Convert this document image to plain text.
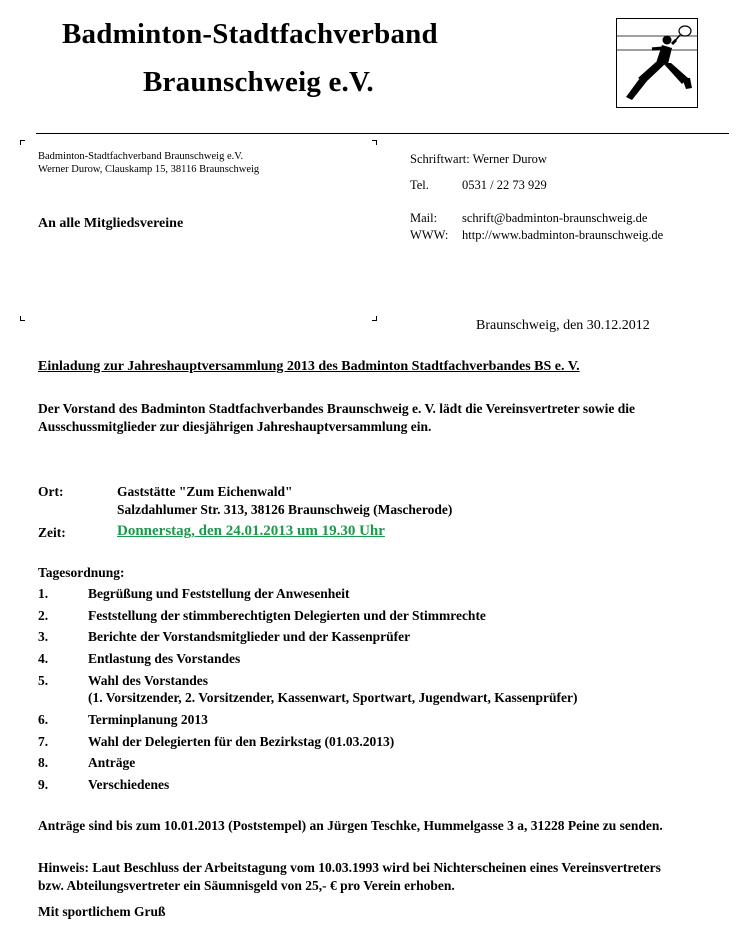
Badminton-Stadtfachverband
Braunschweig e.V.
Badminton-Stadtfachverband Braunschweig e.V.
Werner Durow, Clauskamp 15, 38116 Braunschweig
An alle Mitgliedsvereine
Schriftwart: Werner Durow
Tel.	0531 / 22 73 929
Mail: schrift@badminton-braunschweig.de
WWW: http://www.badminton-braunschweig.de
Braunschweig, den 30.12.2012
Einladung zur Jahreshauptversammlung 2013 des Badminton Stadtfachverbandes BS e. V.
Der Vorstand des Badminton Stadtfachverbandes Braunschweig e. V. lädt die Vereinsvertreter sowie die Ausschussmitglieder zur diesjährigen Jahreshauptversammlung ein.
Ort:	Gaststätte "Zum Eichenwald"
Salzdahlumer Str. 313, 38126 Braunschweig (Mascherode)
Zeit:	Donnerstag, den 24.01.2013 um 19.30 Uhr
Tagesordnung:
1.	Begrüßung und Feststellung der Anwesenheit
2.	Feststellung der stimmberechtigten Delegierten und der Stimmrechte
3.	Berichte der Vorstandsmitglieder und der Kassenprüfer
4.	Entlastung des Vorstandes
5.	Wahl des Vorstandes
(1. Vorsitzender, 2. Vorsitzender, Kassenwart, Sportwart, Jugendwart, Kassenprüfer)
6.	Terminplanung 2013
7.	Wahl der Delegierten für den Bezirkstag (01.03.2013)
8.	Anträge
9.	Verschiedenes
Anträge sind bis zum 10.01.2013 (Poststempel) an Jürgen Teschke, Hummelgasse 3 a, 31228 Peine zu senden.
Hinweis: Laut Beschluss der Arbeitstagung vom 10.03.1993 wird bei Nichterscheinen eines Vereinsvertreters bzw. Abteilungsvertreter ein Säumnisgeld von 25,- € pro Verein erhoben.
Mit sportlichem Gruß
